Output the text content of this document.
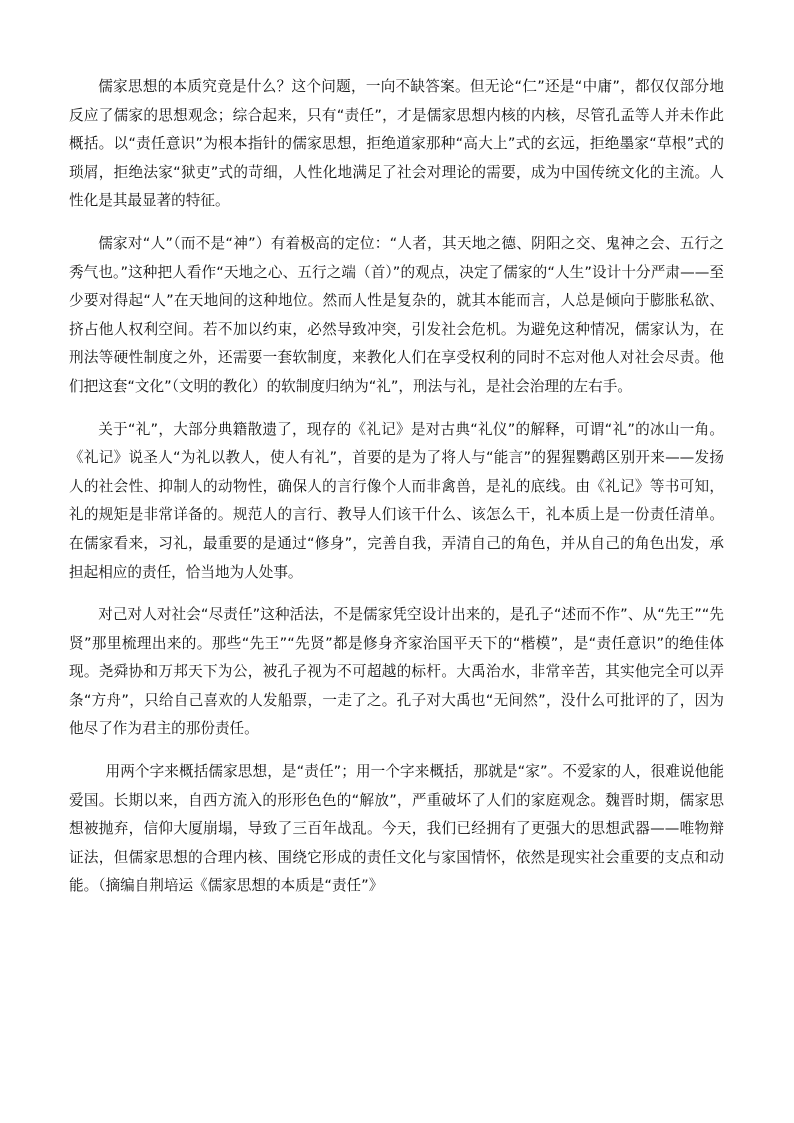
儒家思想的本质究竟是什么？这个问题，一向不缺答案。但无论“仁”还是“中庸”，都仅仅部分地反应了儒家的思想观念；综合起来，只有“责任”，才是儒家思想内核的内核，尽管孔孟等人并未作此概括。以“责任意识”为根本指针的儒家思想，拒绝道家那种“高大上”式的玄远，拒绝墨家“草根”式的琐屑，拒绝法家“狱吏”式的苛细，人性化地满足了社会对理论的需要，成为中国传统文化的主流。人性化是其最显著的特征。

儒家对“人”（而不是“神”）有着极高的定位：“人者，其天地之德、阴阳之交、鬼神之会、五行之秀气也。”这种把人看作“天地之心、五行之端（首）”的观点，决定了儒家的“人生”设计十分严肃——至少要对得起“人”在天地间的这种地位。然而人性是复杂的，就其本能而言，人总是倾向于膨胀私欲、挤占他人权利空间。若不加以约束，必然导致冲突，引发社会危机。为避免这种情况，儒家认为，在刑法等硬性制度之外，还需要一套软制度，来教化人们在享受权利的同时不忘对他人对社会尽责。他们把这套“文化”（文明的教化）的软制度归纳为“礼”，刑法与礼，是社会治理的左右手。

关于“礼”，大部分典籍散遗了，现存的《礼记》是对古典“礼仪”的解释，可谓“礼”的冰山一角。《礼记》说圣人“为礼以教人，使人有礼”，首要的是为了将人与“能言”的猩猩鹦鹉区别开来——发扬人的社会性、抑制人的动物性，确保人的言行像个人而非禽兽，是礼的底线。由《礼记》等书可知，礼的规矩是非常详备的。规范人的言行、教导人们该干什么、该怎么干，礼本质上是一份责任清单。在儒家看来，习礼，最重要的是通过“修身”，完善自我，弄清自己的角色，并从自己的角色出发，承担起相应的责任，恰当地为人处事。

对己对人对社会“尽责任”这种活法，不是儒家凭空设计出来的，是孔子“述而不作”、从“先王”“先贤”那里梳理出来的。那些“先王”“先贤”都是修身齐家治国平天下的“楷模”，是“责任意识”的绝佳体现。尧舜协和万邦天下为公，被孔子视为不可超越的标杆。大禹治水，非常辛苦，其实他完全可以弄条“方舟”，只给自己喜欢的人发船票，一走了之。孔子对大禹也“无间然”，没什么可批评的了，因为他尽了作为君主的那份责任。

用两个字来概括儒家思想，是“责任”；用一个字来概括，那就是“家”。不爱家的人，很难说他能爱国。长期以来，自西方流入的形形色色的“解放”，严重破坏了人们的家庭观念。魏晋时期，儒家思想被抛弃，信仰大厦崩塌，导致了三百年战乱。今天，我们已经拥有了更强大的思想武器——唯物辩证法，但儒家思想的合理内核、围绕它形成的责任文化与家国情怀，依然是现实社会重要的支点和动能。（摘编自荆培运《儒家思想的本质是“责任”》
